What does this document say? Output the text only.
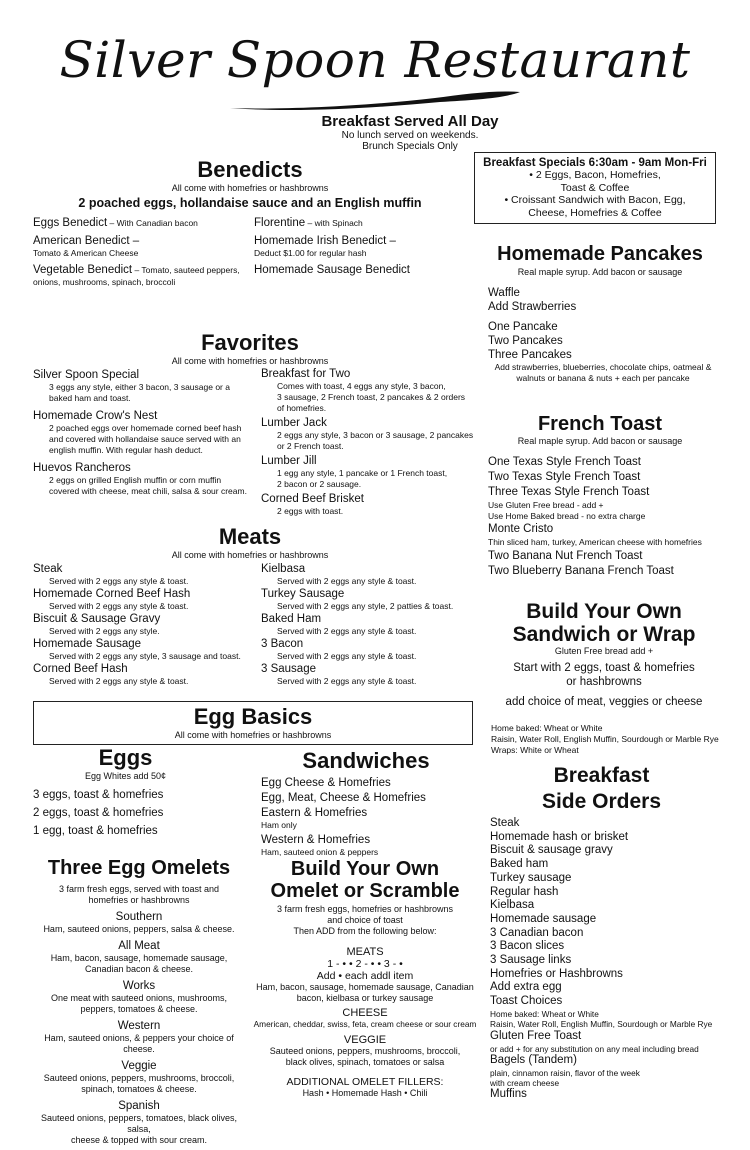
Silver Spoon Restaurant
Breakfast Served All Day
No lunch served on weekends.
Brunch Specials Only
Breakfast Specials 6:30am - 9am Mon-Fri
• 2 Eggs, Bacon, Homefries,
Toast & Coffee
• Croissant Sandwich with Bacon, Egg,
Cheese, Homefries & Coffee
Benedicts
All come with homefries or hashbrowns
2 poached eggs, hollandaise sauce and an English muffin
Eggs Benedict – With Canadian bacon
American Benedict –
Tomato & American Cheese
Vegetable Benedict – Tomato, sauteed peppers,
onions, mushrooms, spinach, broccoli
Florentine – with Spinach
Homemade Irish Benedict –
Deduct $1.00 for regular hash
Homemade Sausage Benedict
Favorites
All come with homefries or hashbrowns
Silver Spoon Special
3 eggs any style, either 3 bacon, 3 sausage or a
baked ham and toast.
Homemade Crow's Nest
2 poached eggs over homemade corned beef hash
and covered with hollandaise sauce served with an
english muffin. With regular hash deduct.
Huevos Rancheros
2 eggs on grilled English muffin or corn muffin
covered with cheese, meat chili, salsa & sour cream.
Breakfast for Two
Comes with toast, 4 eggs any style, 3 bacon,
3 sausage, 2 French toast, 2 pancakes & 2 orders
of homefries.
Lumber Jack
2 eggs any style, 3 bacon or 3 sausage, 2 pancakes
or 2 French toast.
Lumber Jill
1 egg any style, 1 pancake or 1 French toast,
2 bacon or 2 sausage.
Corned Beef Brisket
2 eggs with toast.
Meats
All come with homefries or hashbrowns
Steak
Served with 2 eggs any style & toast.
Homemade Corned Beef Hash
Served with 2 eggs any style & toast.
Biscuit & Sausage Gravy
Served with 2 eggs any style.
Homemade Sausage
Served with 2 eggs any style, 3 sausage and toast.
Corned Beef Hash
Served with 2 eggs any style & toast.
Kielbasa
Served with 2 eggs any style & toast.
Turkey Sausage
Served with 2 eggs any style, 2 patties & toast.
Baked Ham
Served with 2 eggs any style & toast.
3 Bacon
Served with 2 eggs any style & toast.
3 Sausage
Served with 2 eggs any style & toast.
Egg Basics
All come with homefries or hashbrowns
Eggs
Egg Whites add 50¢
3 eggs, toast & homefries
2 eggs, toast & homefries
1 egg, toast & homefries
Sandwiches
Egg Cheese & Homefries
Egg, Meat, Cheese & Homefries
Eastern & Homefries
Ham only
Western & Homefries
Ham, sauteed onion & peppers
Three Egg Omelets
3 farm fresh eggs, served with toast and
homefries or hashbrowns
Southern
Ham, sauteed onions, peppers, salsa & cheese.
All Meat
Ham, bacon, sausage, homemade sausage,
Canadian bacon & cheese.
Works
One meat with sauteed onions, mushrooms,
peppers, tomatoes & cheese.
Western
Ham, sauteed onions, & peppers your choice of cheese.
Veggie
Sauteed onions, peppers, mushrooms, broccoli,
spinach, tomatoes & cheese.
Spanish
Sauteed onions, peppers, tomatoes, black olives, salsa,
cheese & topped with sour cream.
Build Your Own
Omelet or Scramble
3 farm fresh eggs, homefries or hashbrowns
and choice of toast
Then ADD from the following below:
MEATS
1 - • • 2 - • • 3 - •
Add • each addl item
Ham, bacon, sausage, homemade sausage, Canadian
bacon, kielbasa or turkey sausage
CHEESE
American, cheddar, swiss, feta, cream cheese or sour cream
VEGGIE
Sauteed onions, peppers, mushrooms, broccoli,
black olives, spinach, tomatoes or salsa
ADDITIONAL OMELET FILLERS:
Hash • Homemade Hash • Chili
Homemade Pancakes
Real maple syrup. Add bacon or sausage
Waffle
Add Strawberries
One Pancake
Two Pancakes
Three Pancakes
Add strawberries, blueberries, chocolate chips, oatmeal &
walnuts or banana & nuts + each per pancake
French Toast
Real maple syrup. Add bacon or sausage
One Texas Style French Toast
Two Texas Style French Toast
Three Texas Style French Toast
Use Gluten Free bread - add +
Use Home Baked bread - no extra charge
Monte Cristo
Thin sliced ham, turkey, American cheese with homefries
Two Banana Nut French Toast
Two Blueberry Banana French Toast
Build Your Own
Sandwich or Wrap
Gluten Free bread add +
Start with 2 eggs, toast & homefries
or hashbrowns
add choice of meat, veggies or cheese
Home baked: Wheat or White
Raisin, Water Roll, English Muffin, Sourdough or Marble Rye
Wraps: White or Wheat
Breakfast
Side Orders
Steak
Homemade hash or brisket
Biscuit & sausage gravy
Baked ham
Turkey sausage
Regular hash
Kielbasa
Homemade sausage
3 Canadian bacon
3 Bacon slices
3 Sausage links
Homefries or Hashbrowns
Add extra egg
Toast Choices
Home baked: Wheat or White
Raisin, Water Roll, English Muffin, Sourdough or Marble Rye
Gluten Free Toast
or add + for any substitution on any meal including bread
Bagels (Tandem)
plain, cinnamon raisin, flavor of the week
with cream cheese
Muffins
